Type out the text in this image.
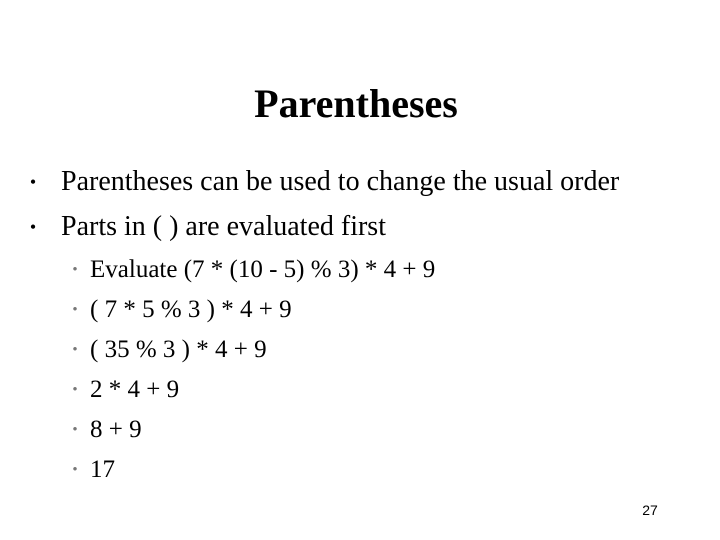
Parentheses
• Parentheses can be used to change the usual order
• Parts in ( ) are evaluated first
• Evaluate (7 * (10 - 5) % 3) * 4 + 9
• ( 7 * 5 % 3 ) * 4 + 9
• ( 35 % 3 ) * 4 + 9
• 2 * 4 + 9
• 8 + 9
• 17
27
